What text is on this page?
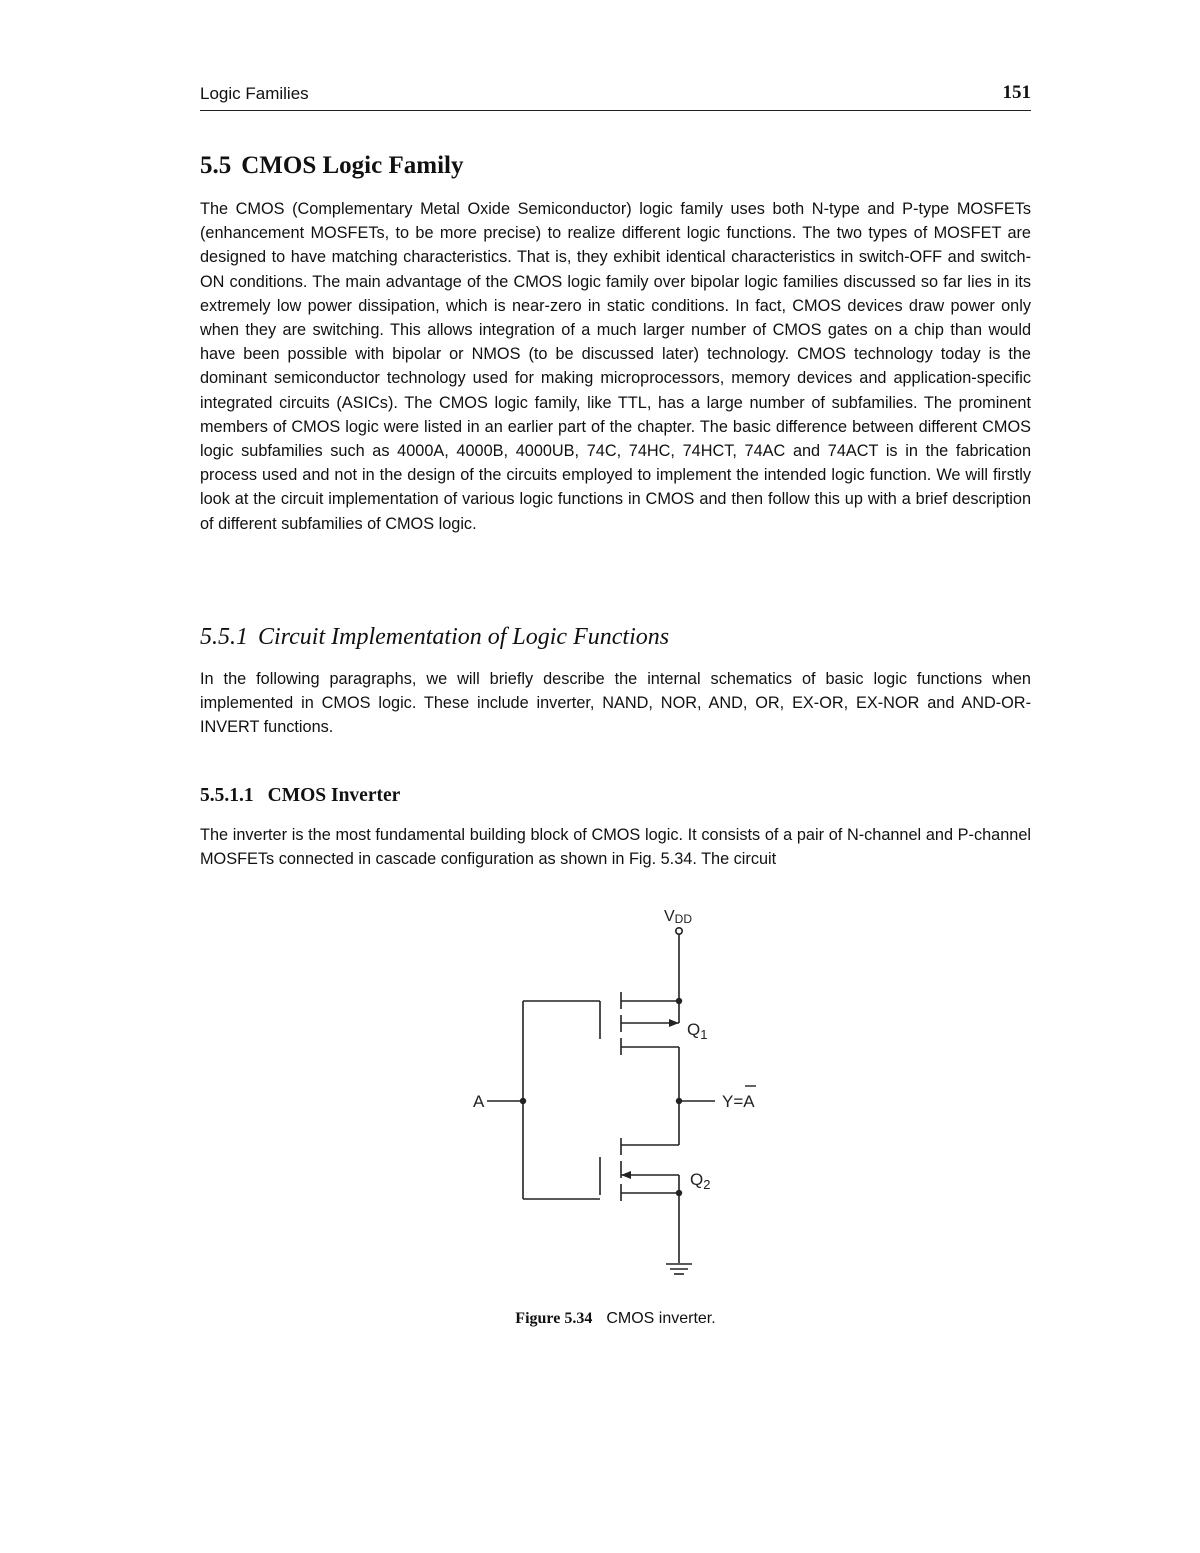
Logic Families	151
5.5 CMOS Logic Family

The CMOS (Complementary Metal Oxide Semiconductor) logic family uses both N-type and P-type MOSFETs (enhancement MOSFETs, to be more precise) to realize different logic functions. The two types of MOSFET are designed to have matching characteristics. That is, they exhibit identical characteristics in switch-OFF and switch-ON conditions. The main advantage of the CMOS logic family over bipolar logic families discussed so far lies in its extremely low power dissipation, which is near-zero in static conditions. In fact, CMOS devices draw power only when they are switching. This allows integration of a much larger number of CMOS gates on a chip than would have been possible with bipolar or NMOS (to be discussed later) technology. CMOS technology today is the dominant semiconductor technology used for making microprocessors, memory devices and application-specific integrated circuits (ASICs). The CMOS logic family, like TTL, has a large number of subfamilies. The prominent members of CMOS logic were listed in an earlier part of the chapter. The basic difference between different CMOS logic subfamilies such as 4000A, 4000B, 4000UB, 74C, 74HC, 74HCT, 74AC and 74ACT is in the fabrication process used and not in the design of the circuits employed to implement the intended logic function. We will firstly look at the circuit implementation of various logic functions in CMOS and then follow this up with a brief description of different subfamilies of CMOS logic.

5.5.1 Circuit Implementation of Logic Functions

In the following paragraphs, we will briefly describe the internal schematics of basic logic functions when implemented in CMOS logic. These include inverter, NAND, NOR, AND, OR, EX-OR, EX-NOR and AND-OR-INVERT functions.

5.5.1.1 CMOS Inverter

The inverter is the most fundamental building block of CMOS logic. It consists of a pair of N-channel and P-channel MOSFETs connected in cascade configuration as shown in Fig. 5.34. The circuit

VDD
$Q_1$
$Q_2$
A	Y=A
Figure 5.34 CMOS inverter.
